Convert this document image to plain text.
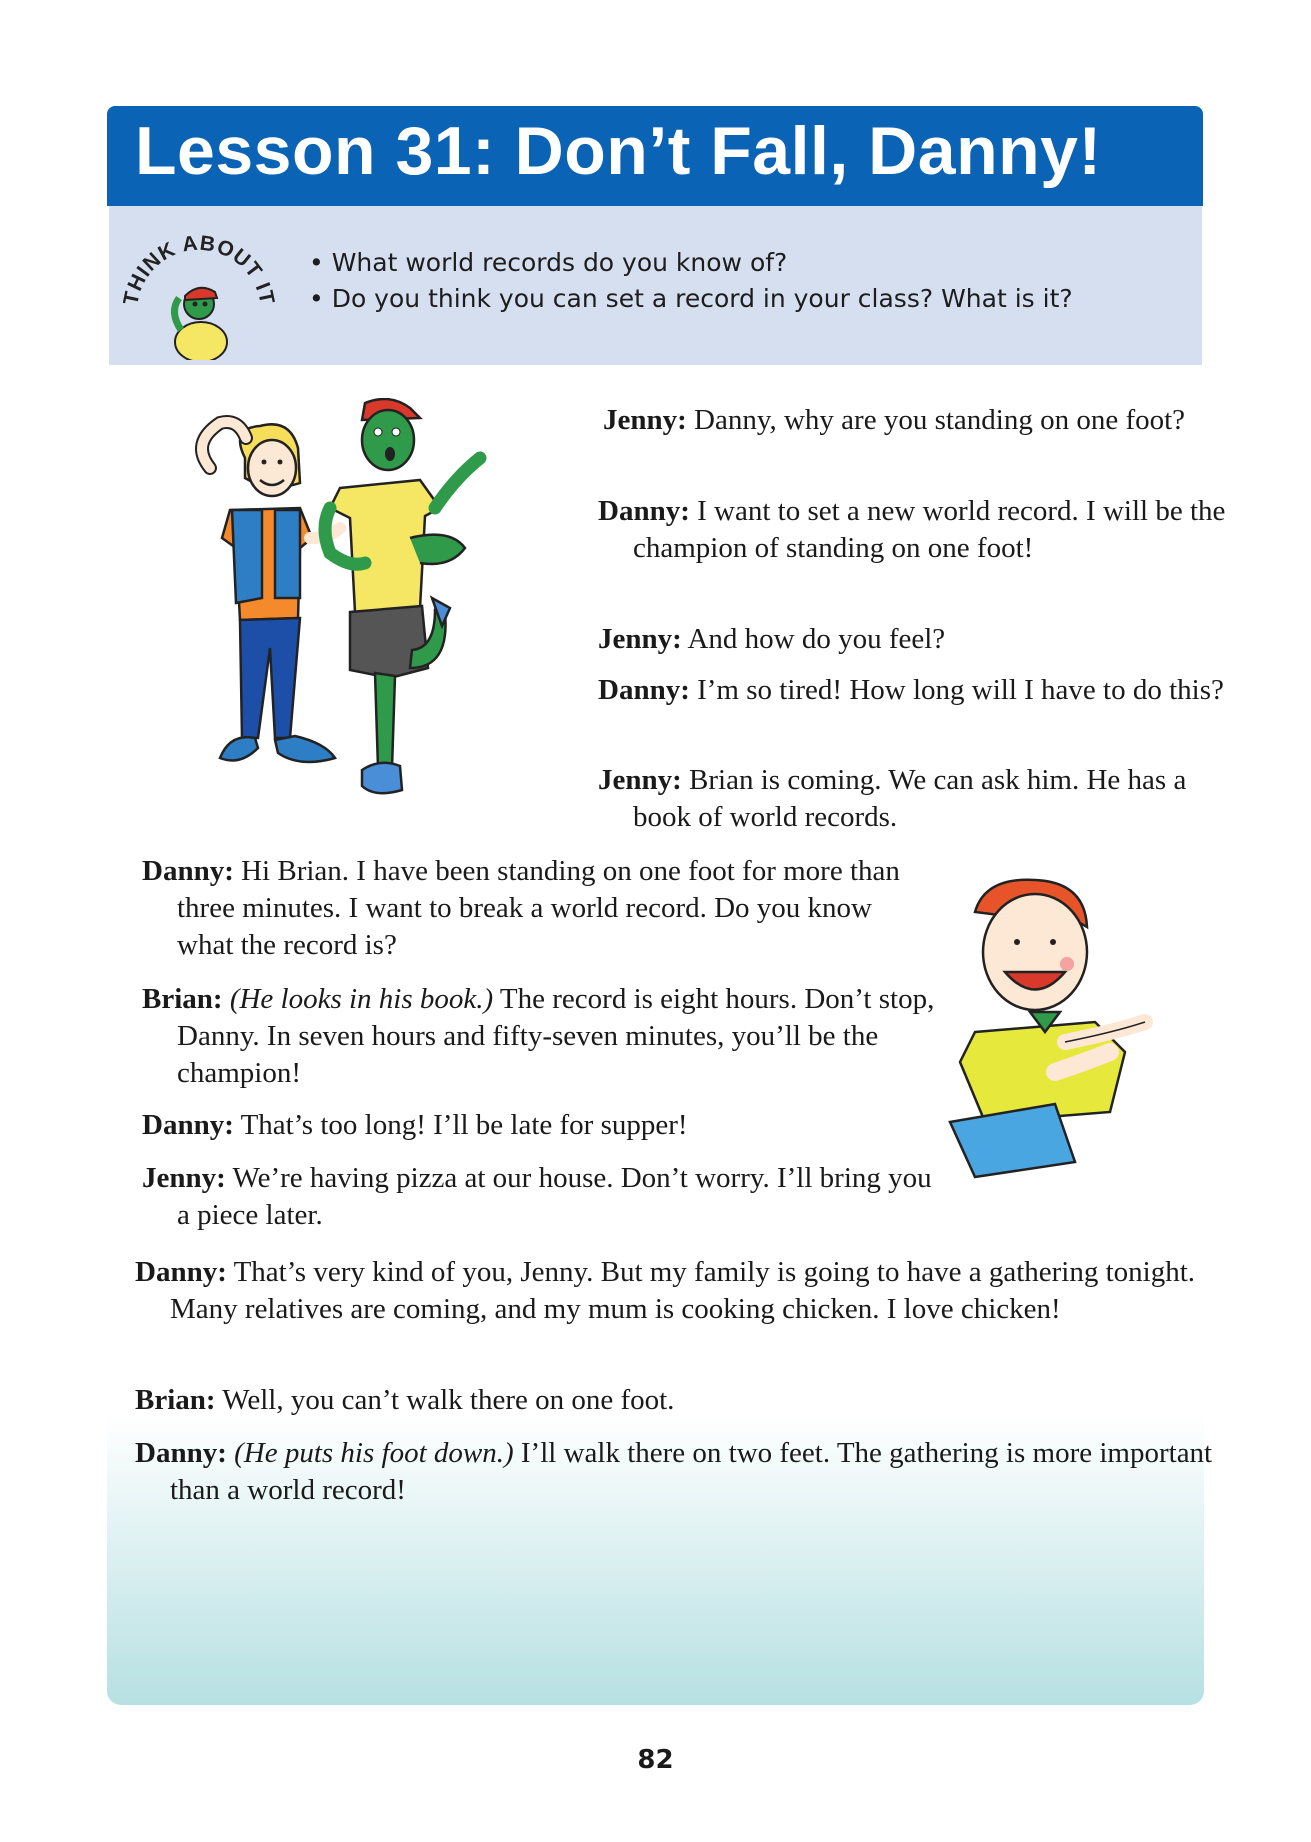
Lesson 31: Don’t Fall, Danny!
THINK ABOUT IT
• What world records do you know of?
• Do you think you can set a record in your class? What is it?

Jenny: Danny, why are you standing on one foot?

Danny: I want to set a new world record. I will be the champion of standing on one foot!

Jenny: And how do you feel?

Danny: I’m so tired! How long will I have to do this?

Jenny: Brian is coming. We can ask him. He has a book of world records.

Danny: Hi Brian. I have been standing on one foot for more than three minutes. I want to break a world record. Do you know what the record is?

Brian: (He looks in his book.) The record is eight hours. Don’t stop, Danny. In seven hours and fifty-seven minutes, you’ll be the champion!

Danny: That’s too long! I’ll be late for supper!

Jenny: We’re having pizza at our house. Don’t worry. I’ll bring you a piece later.

Danny: That’s very kind of you, Jenny. But my family is going to have a gathering tonight. Many relatives are coming, and my mum is cooking chicken. I love chicken!

Brian: Well, you can’t walk there on one foot.

Danny: (He puts his foot down.) I’ll walk there on two feet. The gathering is more important than a world record!

82
